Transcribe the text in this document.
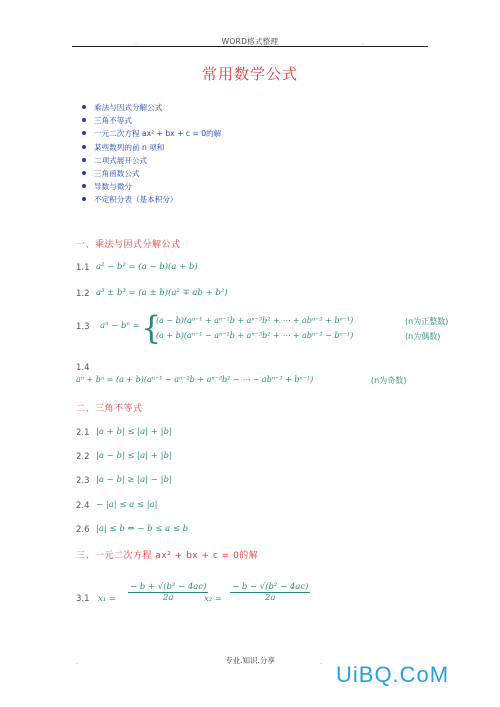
.	WORD格式整理	.
常用数学公式
乘法与因式分解公式
三角不等式
一元二次方程 ax² + bx + c = 0的解
某些数列的前 n 项和
二项式展开公式
三角函数公式
导数与微分
不定积分表（基本积分）
一、乘法与因式分解公式
1.1 a² − b² = (a − b)(a + b)
1.2 a³ ± b³ = (a ± b)(a² ∓ ab + b²)
1.3 aⁿ − bⁿ = {
(a − b)(aⁿ⁻¹ + aⁿ⁻²b + aⁿ⁻³b² + ⋯ + abⁿ⁻² + bⁿ⁻¹)	(n为正整数)
(a + b)(aⁿ⁻¹ − aⁿ⁻²b + aⁿ⁻³b² + ⋯ + abⁿ⁻² − bⁿ⁻¹)	(n为偶数)
1.4
aⁿ + bⁿ = (a + b)(aⁿ⁻¹ − aⁿ⁻²b + aⁿ⁻³b² − ⋯ − abⁿ⁻² + bⁿ⁻¹)	(n为奇数)
二、三角不等式
2.1 |a + b| ≤ |a| + |b|
2.2 |a − b| ≤ |a| + |b|
2.3 |a − b| ≥ |a| − |b|
2.4 − |a| ≤ a ≤ |a|
2.6 |a| ≤ b ⇔ − b ≤ a ≤ b
三、一元二次方程 ax² + bx + c = 0的解
3.1 $x_1 = \frac{\text{− b + √(b² − 4ac)}}{2a}$
$x_2 = \frac{\text{− b − √(b² − 4ac)}}{2a}$
.	专业.知识.分享	. UiBQ.CoM
